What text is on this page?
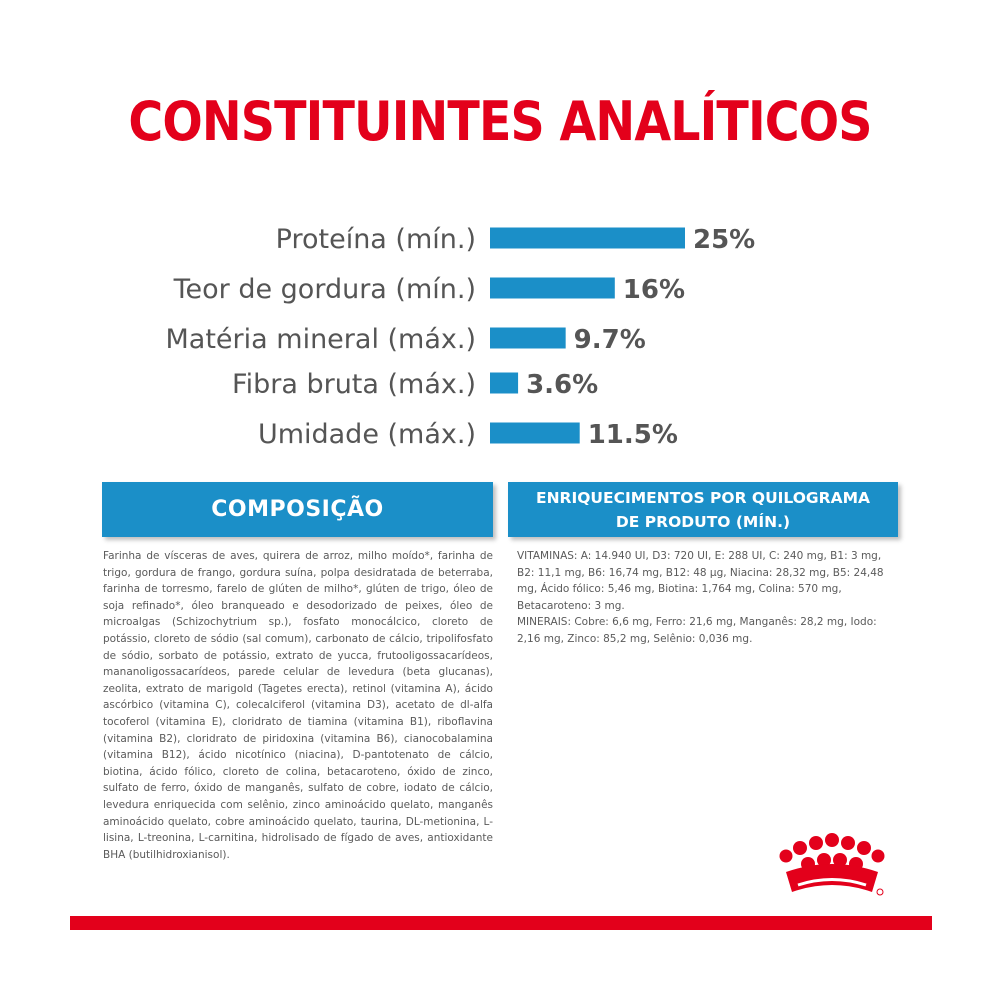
CONSTITUINTES ANALÍTICOS
Proteína (mín.)	25%
Teor de gordura (mín.)	16%
Matéria mineral (máx.)	9.7%
Fibra bruta (máx.) 3.6%
Umidade (máx.)	11.5%
COMPOSIÇÃO
Farinha de vísceras de aves, quirera de arroz, milho moído*, farinha de trigo, gordura de frango, gordura suína, polpa desidratada de beterraba, farinha de torresmo, farelo de glúten de milho*, glúten de trigo, óleo de soja refinado*, óleo branqueado e desodorizado de peixes, óleo de microalgas (Schizochytrium sp.), fosfato monocálcico, cloreto de potássio, cloreto de sódio (sal comum), carbonato de cálcio, tripolifosfato de sódio, sorbato de potássio, extrato de yucca, frutooligossacarídeos, mananoligossacarídeos, parede celular de levedura (beta glucanas), zeolita, extrato de marigold (Tagetes erecta), retinol (vitamina A), ácido ascórbico (vitamina C), colecalciferol (vitamina D3), acetato de dl-alfa tocoferol (vitamina E), cloridrato de tiamina (vitamina B1), riboflavina (vitamina B2), cloridrato de piridoxina (vitamina B6), cianocobalamina (vitamina B12), ácido nicotínico (niacina), D-pantotenato de cálcio, biotina, ácido fólico, cloreto de colina, betacaroteno, óxido de zinco, sulfato de ferro, óxido de manganês, sulfato de cobre, iodato de cálcio, levedura enriquecida com selênio, zinco aminoácido quelato, manganês aminoácido quelato, cobre aminoácido quelato, taurina, DL-metionina, L-lisina, L-treonina, L-carnitina, hidrolisado de fígado de aves, antioxidante BHA (butilhidroxianisol).
ENRIQUECIMENTOS POR QUILOGRAMA
DE PRODUTO (MÍN.)

VITAMINAS: A: 14.940 UI, D3: 720 UI, E: 288 UI, C: 240 mg, B1: 3 mg, B2: 11,1 mg, B6: 16,74 mg, B12: 48 µg, Niacina: 28,32 mg, B5: 24,48 mg, Ácido fólico: 5,46 mg, Biotina: 1,764 mg, Colina: 570 mg, Betacaroteno: 3 mg.

MINERAIS: Cobre: 6,6 mg, Ferro: 21,6 mg, Manganês: 28,2 mg, Iodo: 2,16 mg, Zinco: 85,2 mg, Selênio: 0,036 mg.
